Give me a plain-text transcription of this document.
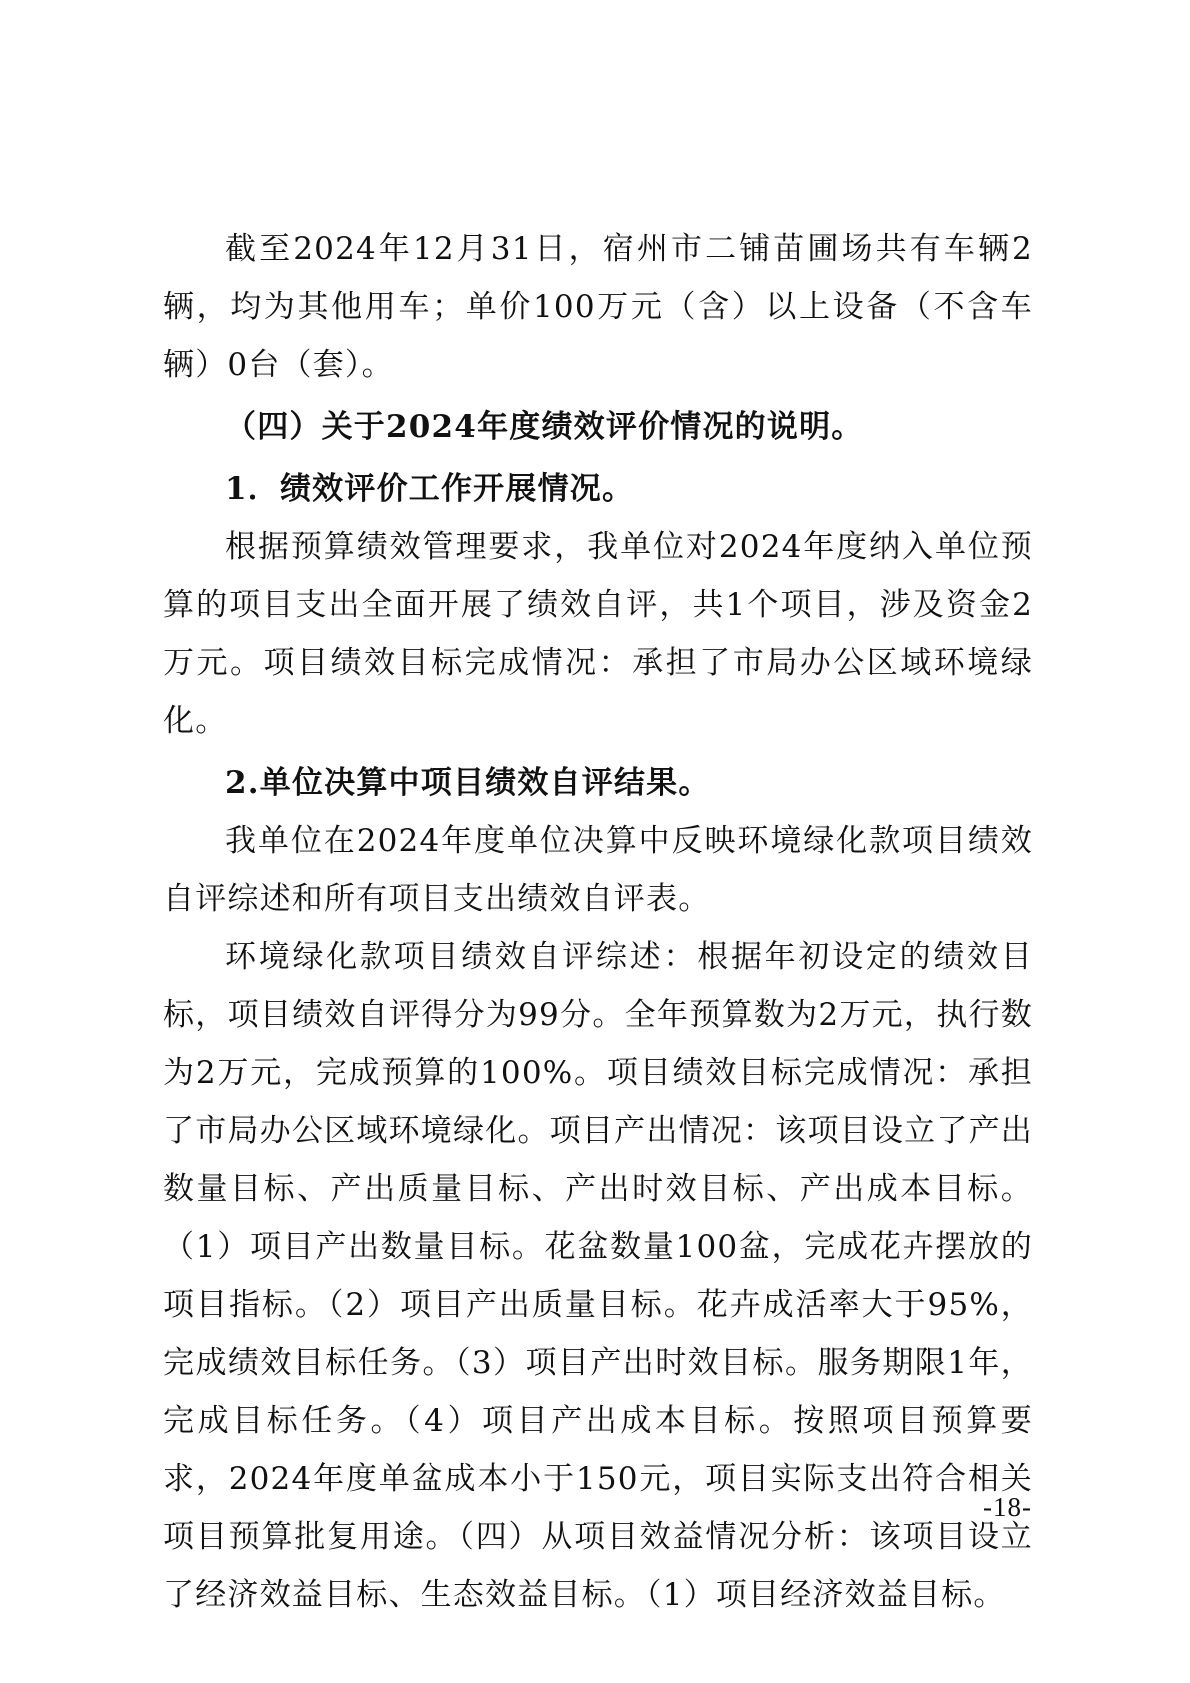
截至2024年12月31日，宿州市二铺苗圃场共有车辆2辆，均为其他用车；单价100万元（含）以上设备（不含车辆）0台（套）。

（四）关于2024年度绩效评价情况的说明。

1．绩效评价工作开展情况。

根据预算绩效管理要求，我单位对2024年度纳入单位预算的项目支出全面开展了绩效自评，共1个项目，涉及资金2万元。项目绩效目标完成情况：承担了市局办公区域环境绿化。

2.单位决算中项目绩效自评结果。

我单位在2024年度单位决算中反映环境绿化款项目绩效自评综述和所有项目支出绩效自评表。

环境绿化款项目绩效自评综述：根据年初设定的绩效目标，项目绩效自评得分为99分。全年预算数为2万元，执行数为2万元，完成预算的100%。项目绩效目标完成情况：承担了市局办公区域环境绿化。项目产出情况：该项目设立了产出数量目标、产出质量目标、产出时效目标、产出成本目标。（1）项目产出数量目标。花盆数量100盆，完成花卉摆放的项目指标。（2）项目产出质量目标。花卉成活率大于95%，完成绩效目标任务。（3）项目产出时效目标。服务期限1年，完成目标任务。（4）项目产出成本目标。按照项目预算要求，2024年度单盆成本小于150元，项目实际支出符合相关项目预算批复用途。（四）从项目效益情况分析：该项目设立了经济效益目标、生态效益目标。（1）项目经济效益目标。

-18-
